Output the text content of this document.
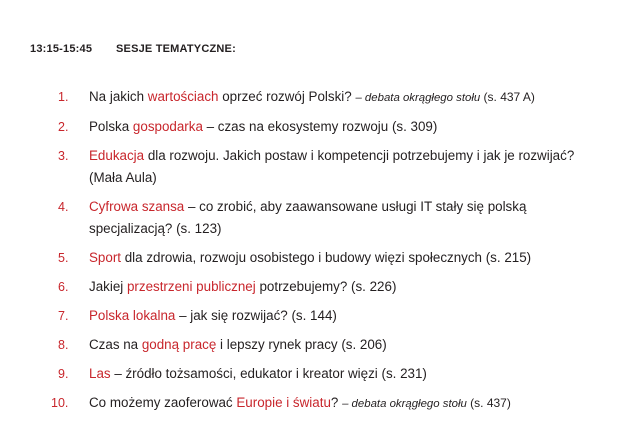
13:15-15:45 SESJE TEMATYCZNE:
1.	Na jakich wartościach oprzeć rozwój Polski? – debata okrągłego stołu (s. 437 A)
2.	Polska gospodarka – czas na ekosystemy rozwoju (s. 309)
3.	Edukacja dla rozwoju. Jakich postaw i kompetencji potrzebujemy i jak je rozwijać? (Mała Aula)
4.	Cyfrowa szansa – co zrobić, aby zaawansowane usługi IT stały się polską specjalizacją? (s. 123)
5.	Sport dla zdrowia, rozwoju osobistego i budowy więzi społecznych (s. 215)
6.	Jakiej przestrzeni publicznej potrzebujemy? (s. 226)
7.	Polska lokalna – jak się rozwijać? (s. 144)
8.	Czas na godną pracę i lepszy rynek pracy (s. 206)
9.	Las – źródło tożsamości, edukator i kreator więzi (s. 231)
10.	Co możemy zaoferować Europie i światu? – debata okrągłego stołu (s. 437)
